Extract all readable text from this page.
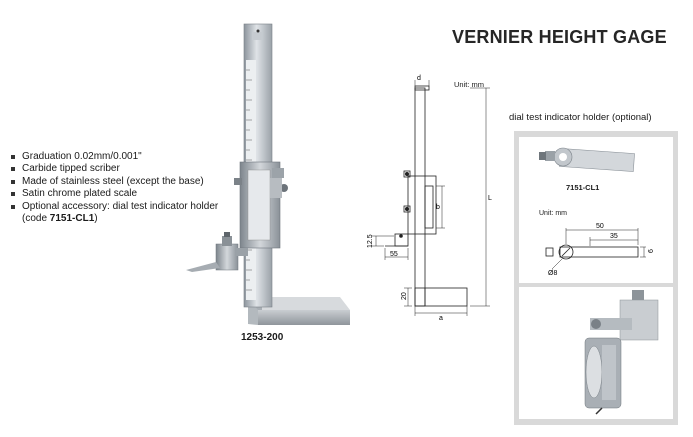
VERNIER HEIGHT GAGE
Graduation 0.02mm/0.001"
Carbide tipped scriber
Made of stainless steel (except the base)
Satin chrome plated scale
Optional accessory: dial test indicator holder (code 7151-CL1)
1253-200
Unit: mm
d
L
b
a
12.5
55
20
dial test indicator holder (optional)
7151-CL1
Unit: mm
50
35
Ø8
6
